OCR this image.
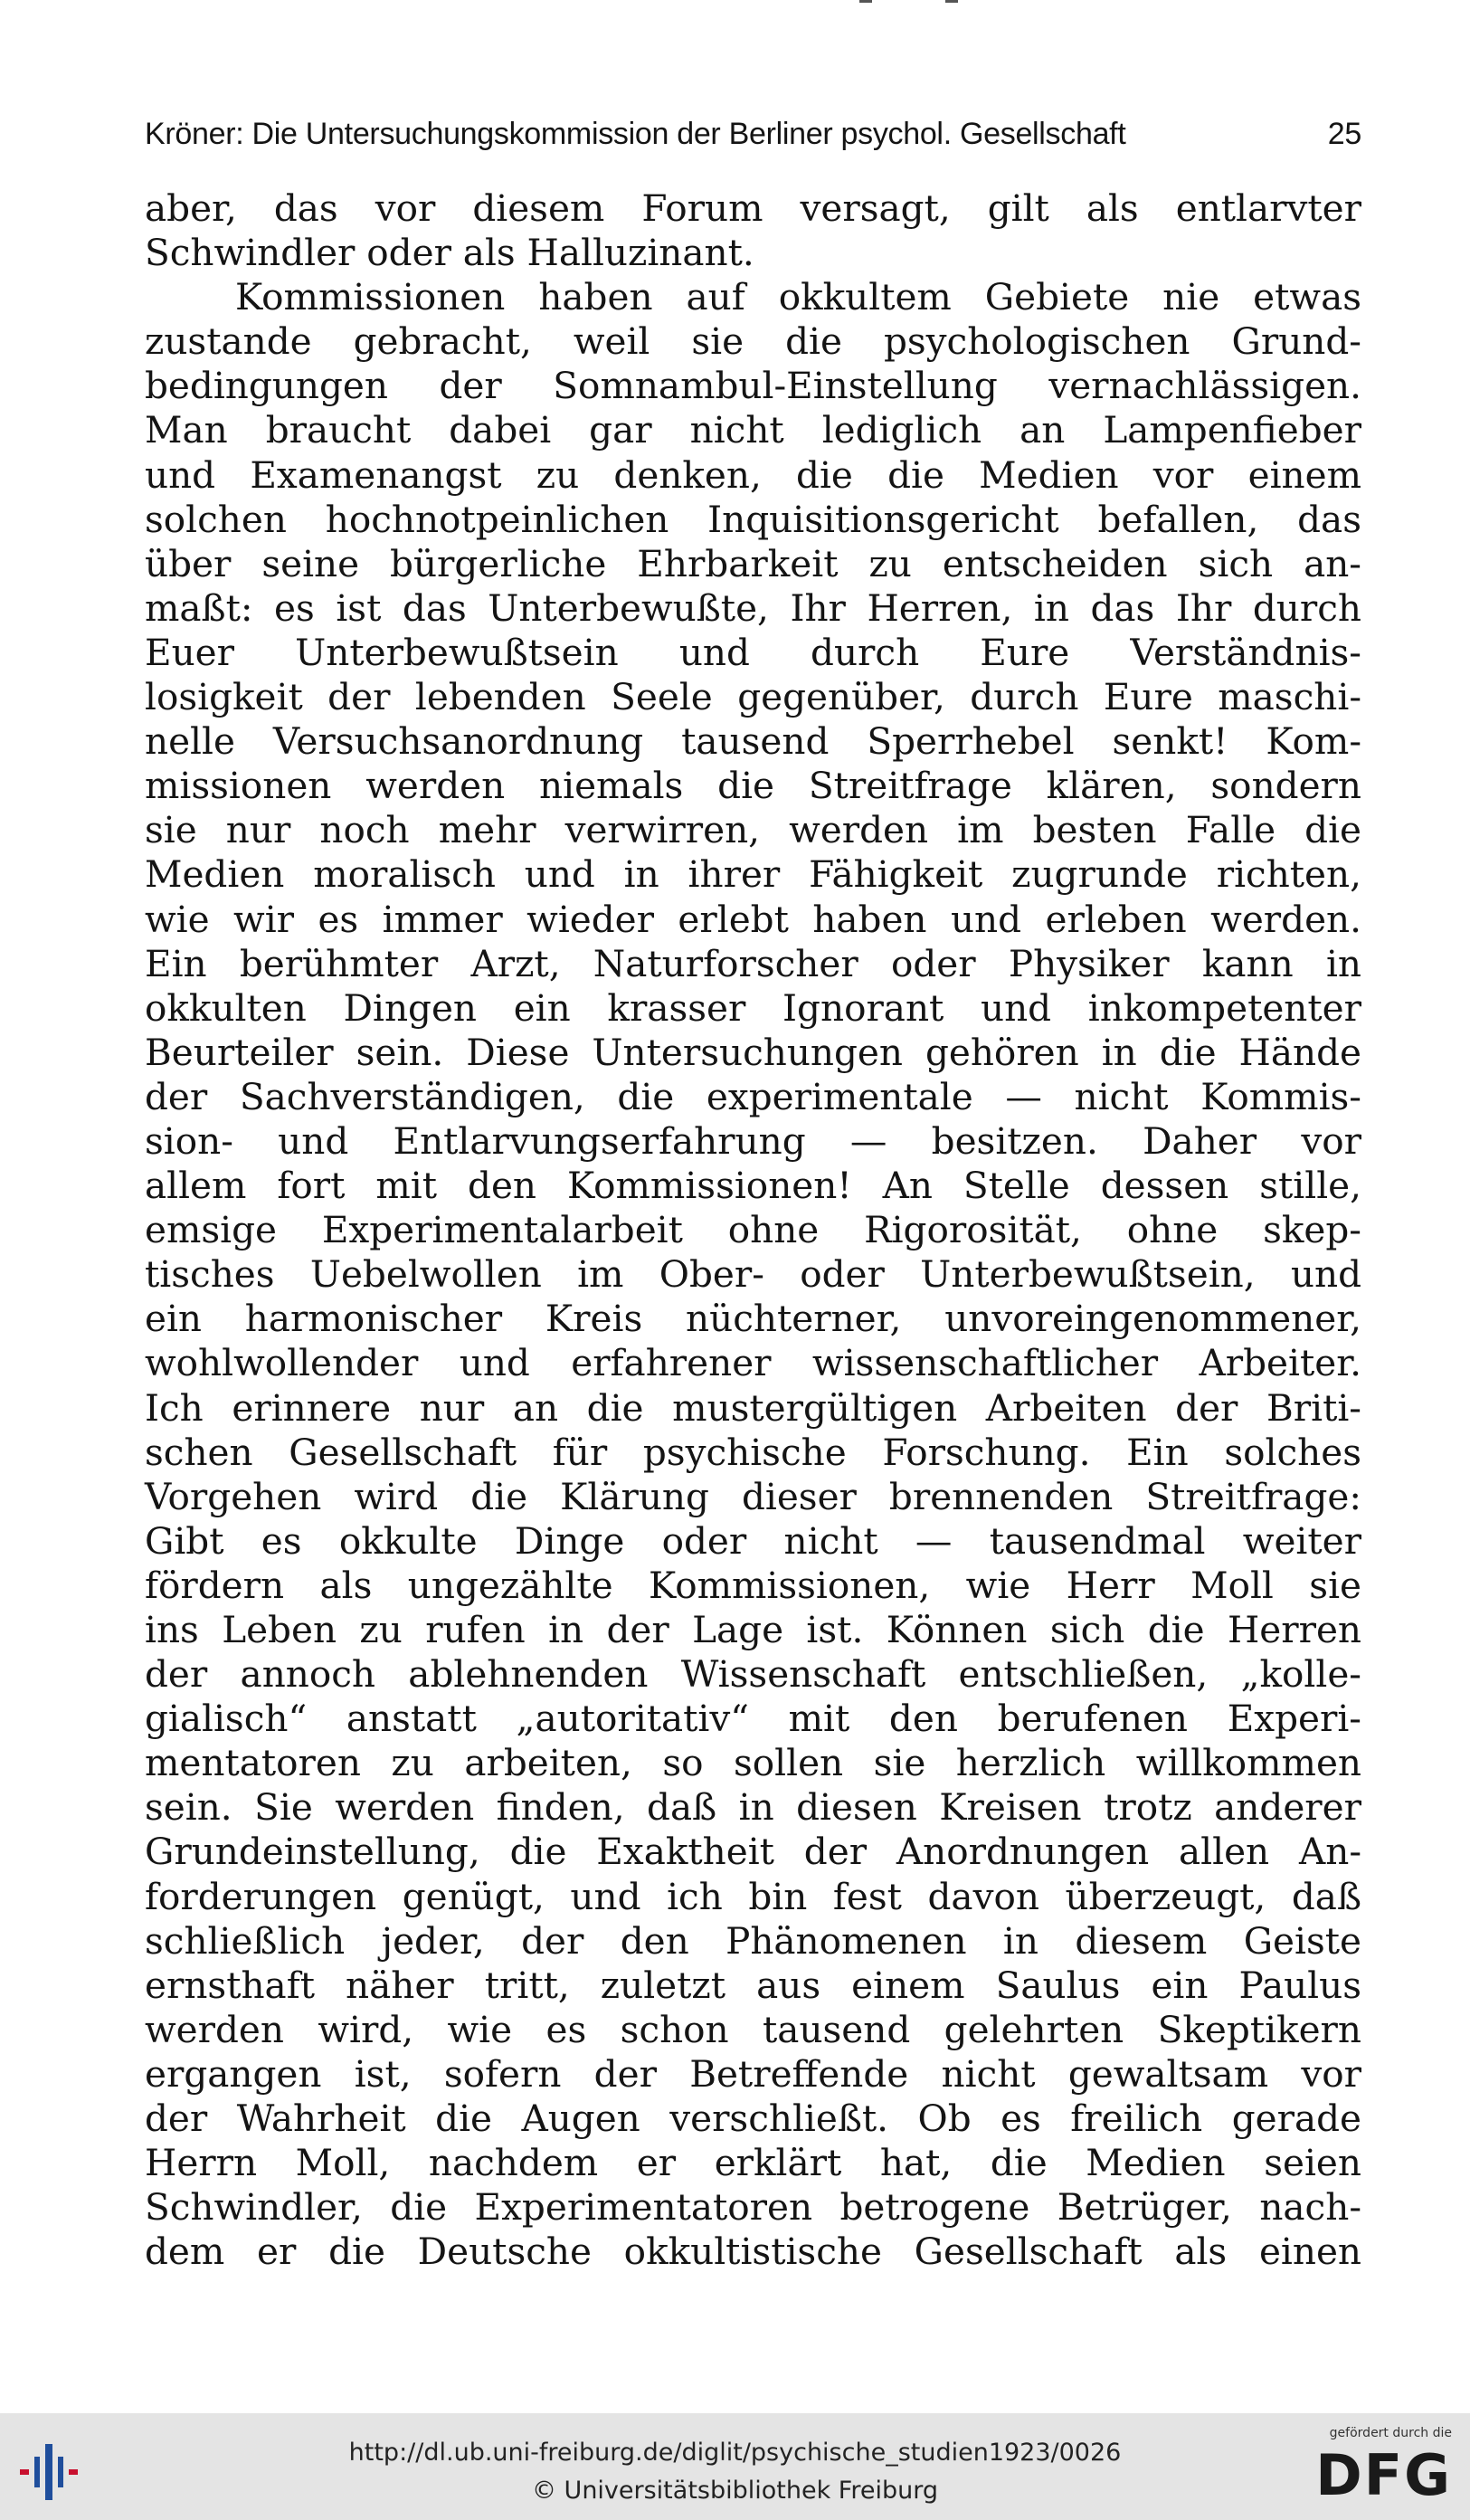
Kröner: Die Untersuchungskommission der Berliner psychol. Gesellschaft	25
aber, das vor diesem Forum versagt, gilt als entlarvter
Schwindler oder als Halluzinant.
Kommissionen haben auf okkultem Gebiete nie etwas
zustande gebracht, weil sie die psychologischen Grund-
bedingungen der Somnambul-Einstellung vernachlässigen.
Man braucht dabei gar nicht lediglich an Lampenfieber
und Examenangst zu denken, die die Medien vor einem
solchen hochnotpeinlichen Inquisitionsgericht befallen, das
über seine bürgerliche Ehrbarkeit zu entscheiden sich an-
maßt: es ist das Unterbewußte, Ihr Herren, in das Ihr durch
Euer Unterbewußtsein und durch Eure Verständnis-
losigkeit der lebenden Seele gegenüber, durch Eure maschi-
nelle Versuchsanordnung tausend Sperrhebel senkt! Kom-
missionen werden niemals die Streitfrage klären, sondern
sie nur noch mehr verwirren, werden im besten Falle die
Medien moralisch und in ihrer Fähigkeit zugrunde richten,
wie wir es immer wieder erlebt haben und erleben werden.
Ein berühmter Arzt, Naturforscher oder Physiker kann in
okkulten Dingen ein krasser Ignorant und inkompetenter
Beurteiler sein. Diese Untersuchungen gehören in die Hände
der Sachverständigen, die experimentale — nicht Kommis-
sion- und Entlarvungserfahrung — besitzen. Daher vor
allem fort mit den Kommissionen! An Stelle dessen stille,
emsige Experimentalarbeit ohne Rigorosität, ohne skep-
tisches Uebelwollen im Ober- oder Unterbewußtsein, und
ein harmonischer Kreis nüchterner, unvoreingenommener,
wohlwollender und erfahrener wissenschaftlicher Arbeiter.
Ich erinnere nur an die mustergültigen Arbeiten der Briti-
schen Gesellschaft für psychische Forschung. Ein solches
Vorgehen wird die Klärung dieser brennenden Streitfrage:
Gibt es okkulte Dinge oder nicht — tausendmal weiter
fördern als ungezählte Kommissionen, wie Herr Moll sie
ins Leben zu rufen in der Lage ist. Können sich die Herren
der annoch ablehnenden Wissenschaft entschließen, „kolle-
gialisch“ anstatt „autoritativ“ mit den berufenen Experi-
mentatoren zu arbeiten, so sollen sie herzlich willkommen
sein. Sie werden finden, daß in diesen Kreisen trotz anderer
Grundeinstellung, die Exaktheit der Anordnungen allen An-
forderungen genügt, und ich bin fest davon überzeugt, daß
schließlich jeder, der den Phänomenen in diesem Geiste
ernsthaft näher tritt, zuletzt aus einem Saulus ein Paulus
werden wird, wie es schon tausend gelehrten Skeptikern
ergangen ist, sofern der Betreffende nicht gewaltsam vor
der Wahrheit die Augen verschließt. Ob es freilich gerade
Herrn Moll, nachdem er erklärt hat, die Medien seien
Schwindler, die Experimentatoren betrogene Betrüger, nach-
dem er die Deutsche okkultistische Gesellschaft als einen
http://dl.ub.uni-freiburg.de/diglit/psychische_studien1923/0026
© Universitätsbibliothek Freiburg
gefördert durch die
DFG
